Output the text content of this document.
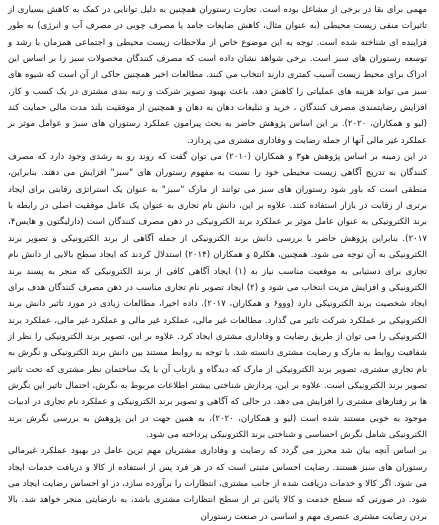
مهمی برای بقا در برخی از مشاغل بوده است. تجارت رستوران همچنین به دلیل توانایی در کمک به کاهش بسیاری از تاثیرات منفی زیست محیطی (به عنوان مثال، کاهش ضایعات جامد یا مصرف چوبی در مصرف آب و انرژی) به طور فزاینده ای شناخته شده است. توجه به این موضوع خاص از ملاحظات زیست محیطی و اجتماعی همزمان با رشد و توسعه رستوران های سبز است. برخی شواهد نشان داده است که مصرف کنندگان محصولات سبز را بر اساس این ادراک برای محیط زیست آسیب کمتری دارند انتخاب می کنند. مطالعات اخیر همچنین حاکی از آن است که شیوه های سبز می تواند هزینه های عملیاتی را کاهش دهد، باعث بهبود تصویر شرکت و رتبه بندی مشتری در یک کسب و کار، افزایش رضایتمندی مصرف کنندگان ، خرید و تبلیغات دهان به دهان و همچنین از موفقیت بلند مدت مالی حمایت کند (لیو و همکاران، ۲۰۲۰). بر این اساس پژوهش حاضر به بحث پیرامون عملکرد رستوران های سبز و عوامل موثر بر عملکرد غیر مالی آنها از جمله رضایت و وفاداری مشتری می پردازد.

در این زمینه بر اساس پژوهش هو۳ و همکاران (۲۰۱۰) می توان گفت که روند رو به رشدی وجود دارد که مصرف کنندگان به تدریج آگاهی زیست محیطی خود را نسبت به مفهوم رستوران های "سبز" افزایش می دهند. بنابراین، منطقی است که باور شود رستوران های سبز می توانند از مارک "سبز" به عنوان یک استراتژی رقابتی برای ایجاد برتری از رقابت در بازار استفاده کنند. علاوه بر این، دانش نام تجاری به عنوان یک عامل موفقیت اصلی در رابطه با برند الکترونیکی به عنوان عامل موثر بر عملکرد برند الکترونیکی در ذهن مصرف کنندگان است (دارلیگتون و هایس۴، ۲۰۱۷). بنابراین پژوهش حاضر با بررسی دانش برند الکترونیکی از جمله آگاهی از برند الکترونیکی و تصویر برند الکترونیکی به آن توجه می شود. همچنین، هکلر۵ و همکاران (۲۰۱۴) استدلال کردند که ایجاد سطح بالایی از دانش نام تجاری برای دستیابی به موقعیت مناسب نیاز به (۱) ایجاد آگاهی کافی از برند الکترونیکی که منجر به پسند برند الکترونیکی و افزایش مزیت انتخاب می شود و (۲) ایجاد تصویر نام تجاری مناسب در ذهن مصرف کنندگان هدف برای ایجاد شخصیت برند الکترونیکی دارد (ووو۶ و همکاران، ۲۰۱۷). داده اخیرا، مطالعات زیادی در مورد تاثیر دانش برند الکترونیکی بر عملکرد شرکت تاثیر می گذارد. مطالعات غیر مالی، عملکرد غیر مالی و عملکرد غیر مالی، عملکرد برند الکترونیکی را می توان از طریق رضایت و وفاداری مشتری ایجاد کرد. علاوه بر این، تصویر برند الکترونیکی را نظر از شفافیت روابط به مارک و رضایت مشتری دانسته شد. با توجه به روابط مستند بین دانش برند الکترونیکی و نگرش به نام تجاری مشتری، تصویر برند الکترونیکی از مارک که دیدگاه و بازتاب آن با یک ساختمان نظر مشتری که تحت تاثیر تصویر برند الکترونیکی است. علاوه بر این، پردازش شناختی بیشتر اطلاعات مربوط به نگرش، احتمال تاثیر این نگرش ها بر رفتارهای مشتری را افزایش می دهد. در حالی که آگاهی و تصویر برند الکترونیکی و عملکرد نام تجاری در ادبیات موجود به خوبی مستند شده است (لیو و همکاران، ۲۰۲۰)، به همین جهت در این پژوهش به بررسی نگرش برند الکترونیکی شامل نگرش احساسی و شناختی برند الکترونیکی پرداخته می شود.

بر اساس آنچه بیان شد محرز می گردد که رضایت و وفاداری مشتریان مهم ترین عامل در بهبود عملکرد غیرمالی رستوران های سبز هستند. رضایت احساس مثبتی است که در هر فرد پس از استفاده از کالا و دریافت خدمات ایجاد می شود. اگر کالا و خدمات دریافت شده از جانب مشتری، انتظارات را برآورده سازد، در او احساس رضایت ایجاد می شود. در صورتی که سطح خدمت و کالا پائین تر از سطح انتظارات مشتری باشد، به نارضایتی منجر خواهد شد. بالا بردن رضایت مشتری عنصری مهم و اساسی در صنعت رستوران
